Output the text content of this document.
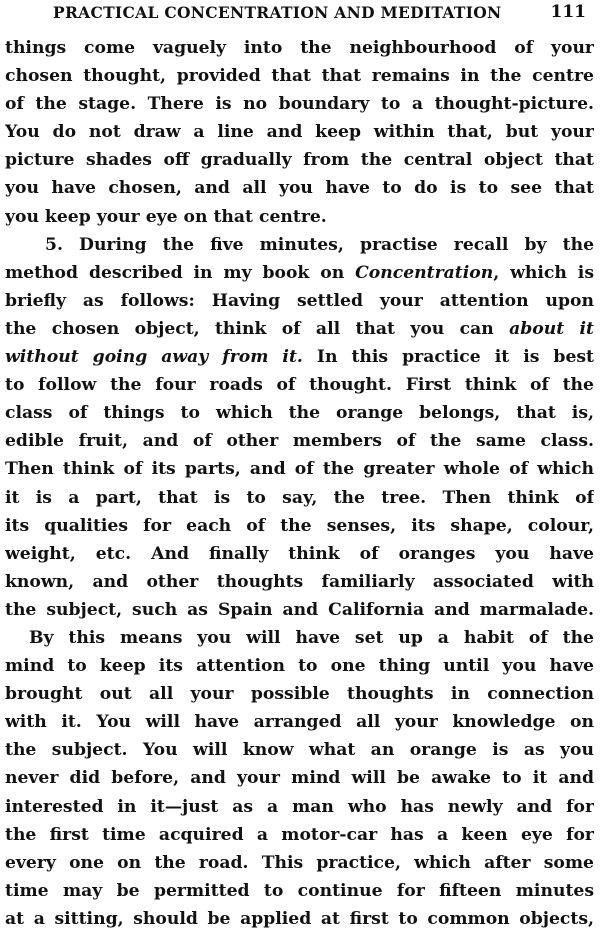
PRACTICAL CONCENTRATION AND MEDITATION	111
things come vaguely into the neighbourhood of your
chosen thought, provided that that remains in the centre
of the stage. There is no boundary to a thought-picture.
You do not draw a line and keep within that, but your
picture shades off gradually from the central object that
you have chosen, and all you have to do is to see that
you keep your eye on that centre.
5. During the five minutes, practise recall by the
method described in my book on Concentration, which is
briefly as follows: Having settled your attention upon
the chosen object, think of all that you can about it
without going away from it. In this practice it is best
to follow the four roads of thought. First think of the
class of things to which the orange belongs, that is,
edible fruit, and of other members of the same class.
Then think of its parts, and of the greater whole of which
it is a part, that is to say, the tree. Then think of
its qualities for each of the senses, its shape, colour,
weight, etc. And finally think of oranges you have
known, and other thoughts familiarly associated with
the subject, such as Spain and California and marmalade.
By this means you will have set up a habit of the
mind to keep its attention to one thing until you have
brought out all your possible thoughts in connection
with it. You will have arranged all your knowledge on
the subject. You will know what an orange is as you
never did before, and your mind will be awake to it and
interested in it—just as a man who has newly and for
the first time acquired a motor-car has a keen eye for
every one on the road. This practice, which after some
time may be permitted to continue for fifteen minutes
at a sitting, should be applied at first to common objects,
